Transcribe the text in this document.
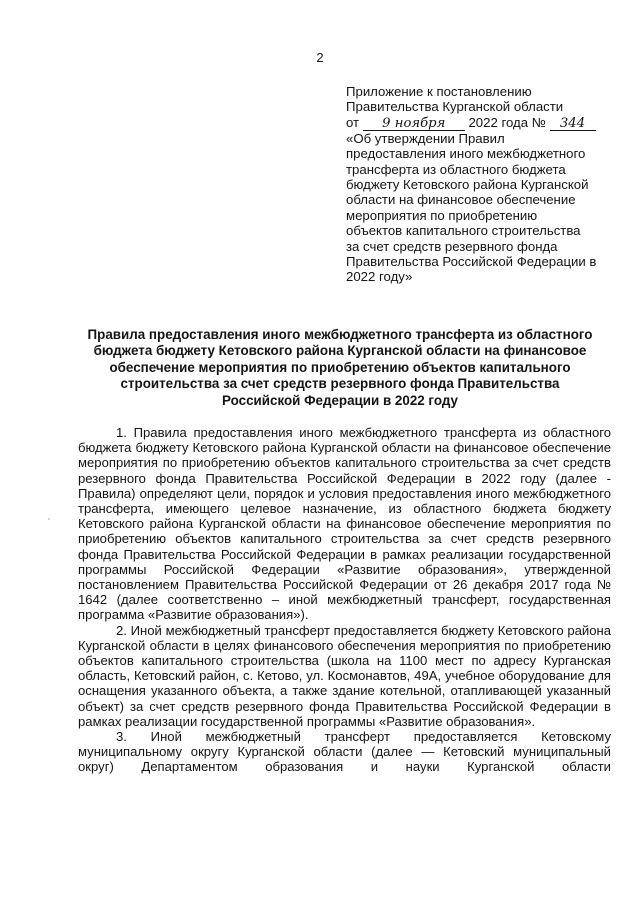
2
Приложение к постановлению
Правительства Курганской области
от 9 ноября 2022 года № 344
«Об утверждении Правил
предоставления иного межбюджетного
трансферта из областного бюджета
бюджету Кетовского района Курганской
области на финансовое обеспечение
мероприятия по приобретению
объектов капитального строительства
за счет средств резервного фонда
Правительства Российской Федерации в
2022 году»
Правила предоставления иного межбюджетного трансферта из областного
бюджета бюджету Кетовского района Курганской области на финансовое
обеспечение мероприятия по приобретению объектов капитального
строительства за счет средств резервного фонда Правительства
Российской Федерации в 2022 году

1. Правила предоставления иного межбюджетного трансферта из областного бюджета бюджету Кетовского района Курганской области на финансовое обеспечение мероприятия по приобретению объектов капитального строительства за счет средств резервного фонда Правительства Российской Федерации в 2022 году (далее - Правила) определяют цели, порядок и условия предоставления иного межбюджетного трансферта, имеющего целевое назначение, из областного бюджета бюджету Кетовского района Курганской области на финансовое обеспечение мероприятия по приобретению объектов капитального строительства за счет средств резервного фонда Правительства Российской Федерации в рамках реализации государственной программы Российской Федерации «Развитие образования», утвержденной постановлением Правительства Российской Федерации от 26 декабря 2017 года № 1642 (далее соответственно – иной межбюджетный трансферт, государственная программа «Развитие образования»).

2. Иной межбюджетный трансферт предоставляется бюджету Кетовского района Курганской области в целях финансового обеспечения мероприятия по приобретению объектов капитального строительства (школа на 1100 мест по адресу Курганская область, Кетовский район, с. Кетово, ул. Космонавтов, 49А, учебное оборудование для оснащения указанного объекта, а также здание котельной, отапливающей указанный объект) за счет средств резервного фонда Правительства Российской Федерации в рамках реализации государственной программы «Развитие образования».

3. Иной межбюджетный трансферт предоставляется Кетовскому муниципальному округу Курганской области (далее — Кетовский муниципальный округ) Департаментом образования и науки Курганской области
